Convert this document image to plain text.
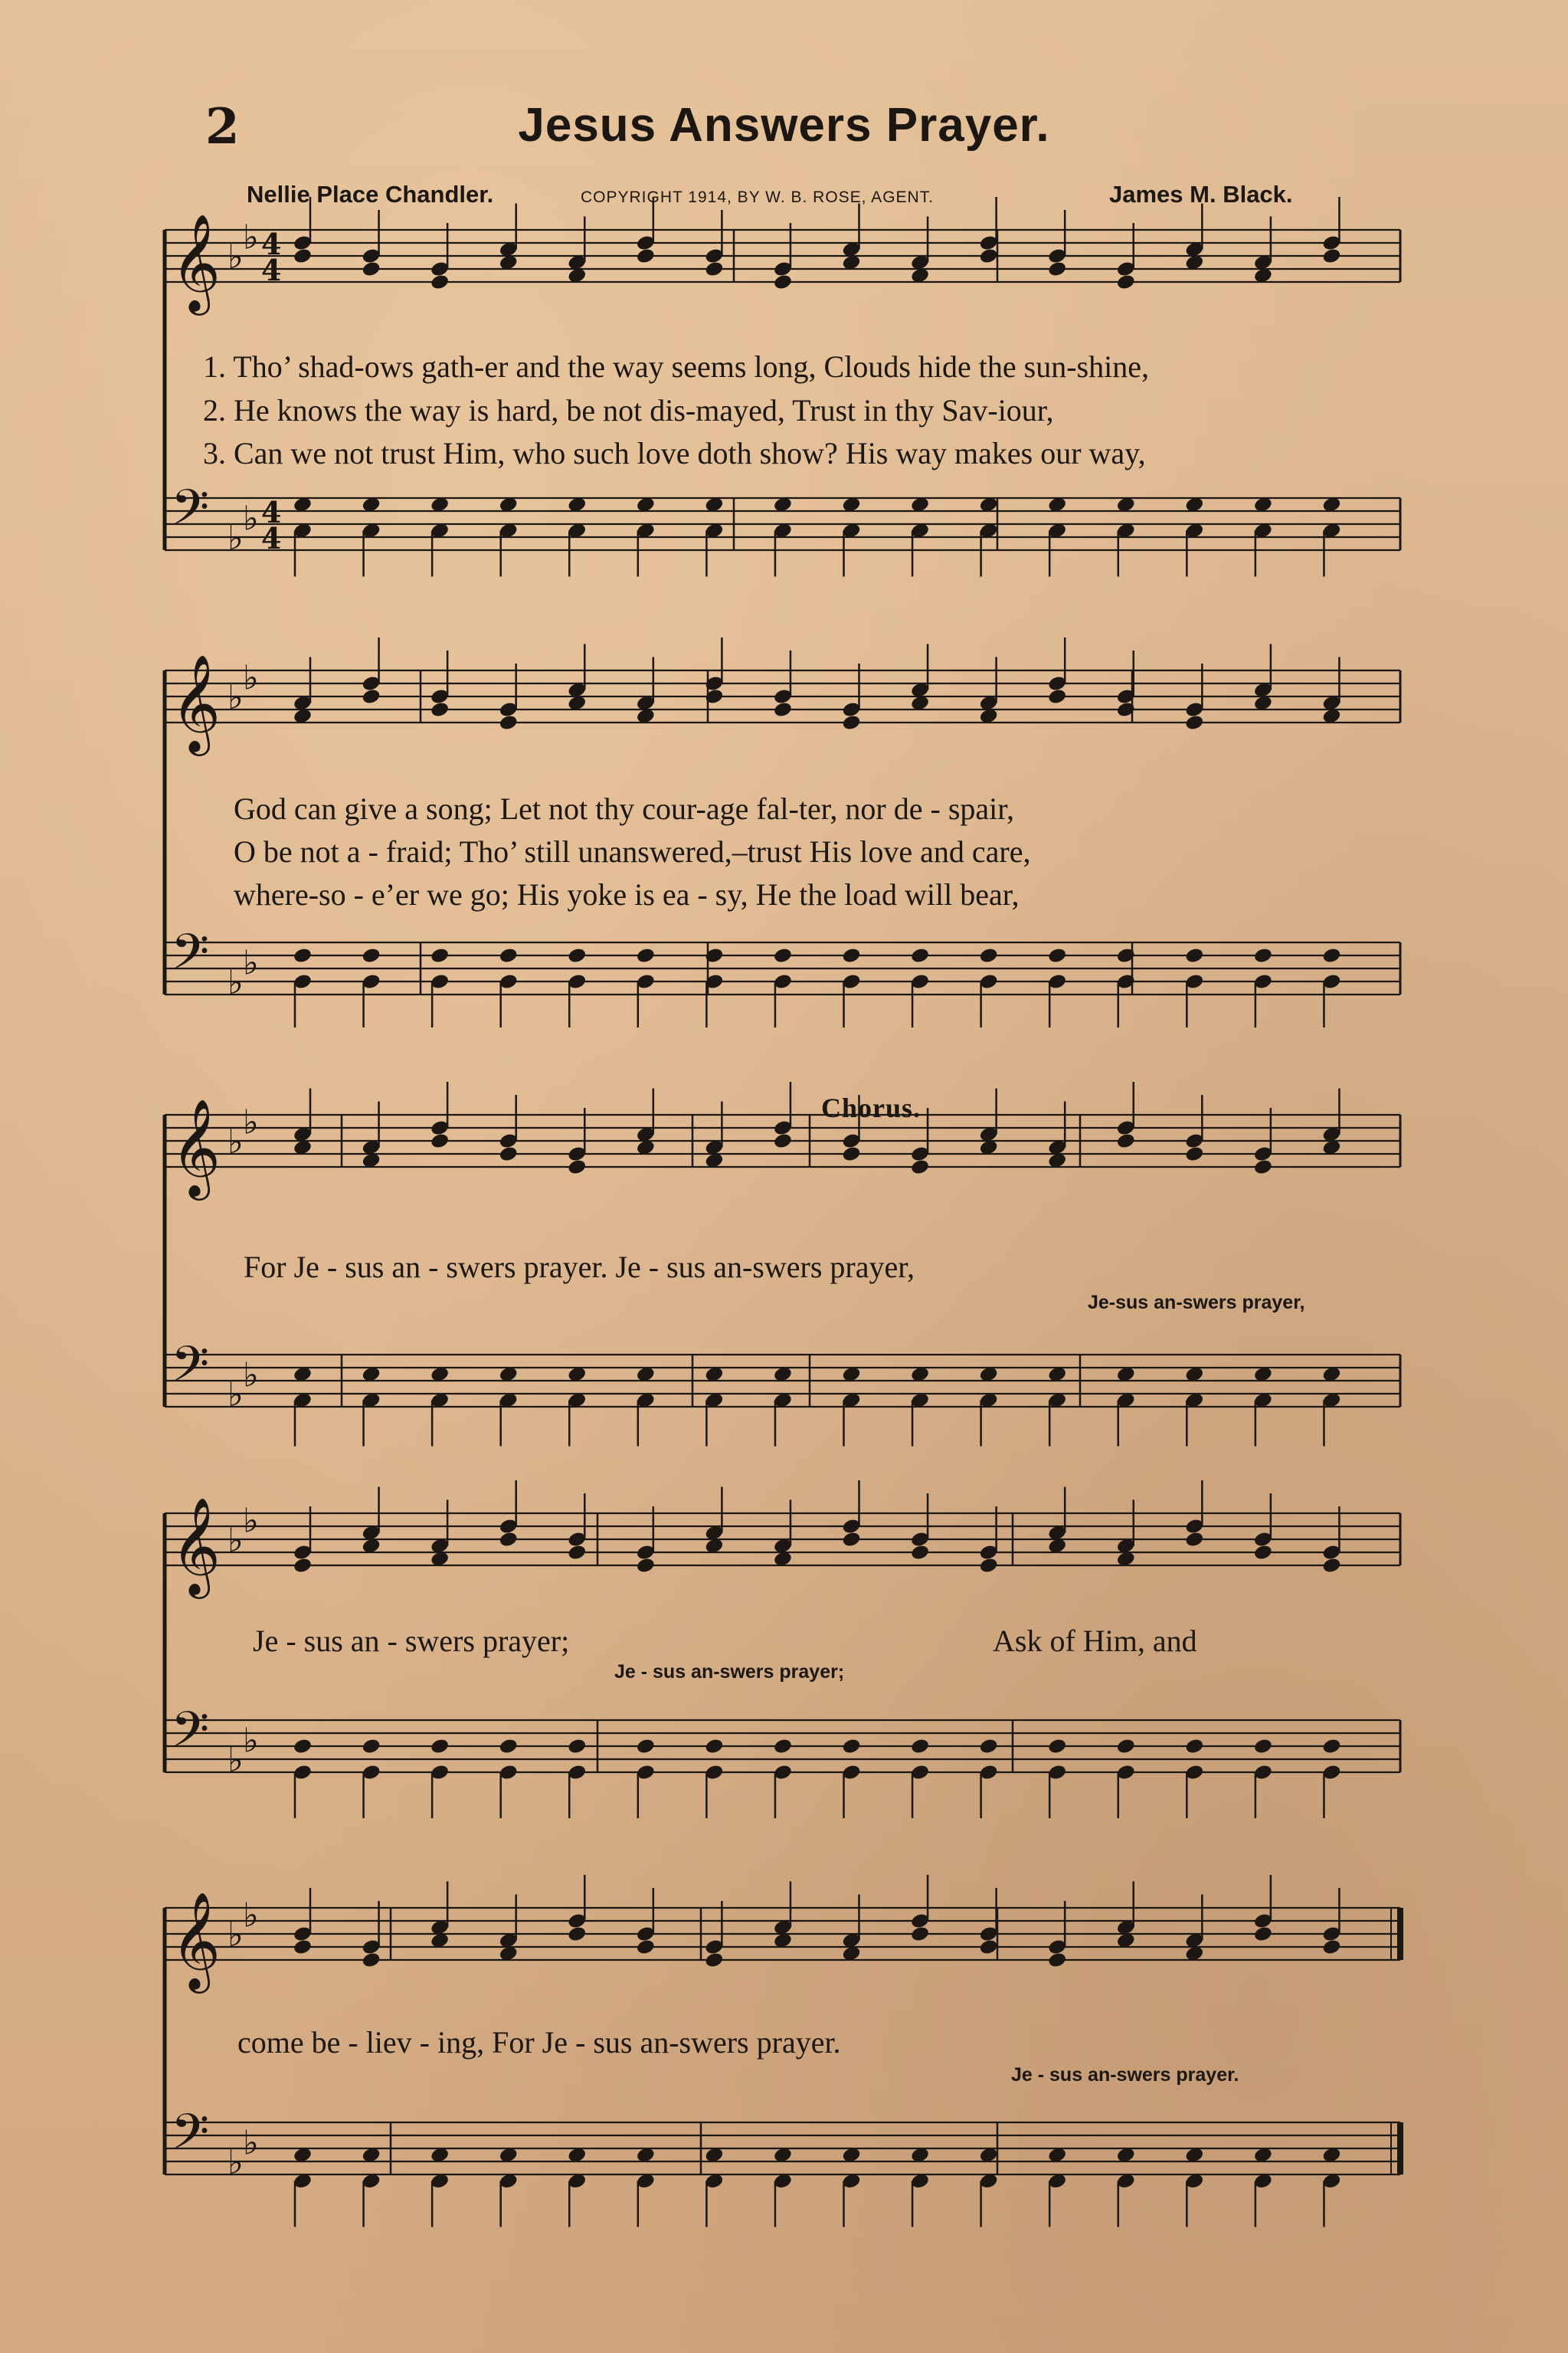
2	Jesus Answers Prayer.
Nellie Place Chandler.	COPYRIGHT 1914, BY W. B. ROSE, AGENT.	James M. Black.
𝄞 ♭ ♭
𝄢 ♭ ♭
𝄞 ♭ ♭
𝄢 ♭ ♭
𝄞 ♭ ♭
𝄢 ♭ ♭
𝄞 ♭ ♭
𝄢 ♭ ♭
𝄞 ♭ ♭
𝄢 ♭ ♭
4
4
4
4
1. Tho’ shad-ows gath-er and the way seems long, Clouds hide the sun-shine,
2. He knows the way is hard, be not dis-mayed, Trust in thy Sav-iour,
3. Can we not trust Him, who such love doth show? His way makes our way,
God can give a song; Let not thy cour-age fal-ter, nor de - spair,
O be not a - fraid; Tho’ still unanswered,–trust His love and care,
where-so - e’er we go; His yoke is ea - sy, He the load will bear,
Chorus.
For Je - sus an - swers prayer. Je - sus an-swers prayer,
Je-sus an-swers prayer,
Je - sus an - swers prayer;	Ask of Him, and
Je - sus an-swers prayer;
come be - liev - ing, For Je - sus an-swers prayer.
Je - sus an-swers prayer.
